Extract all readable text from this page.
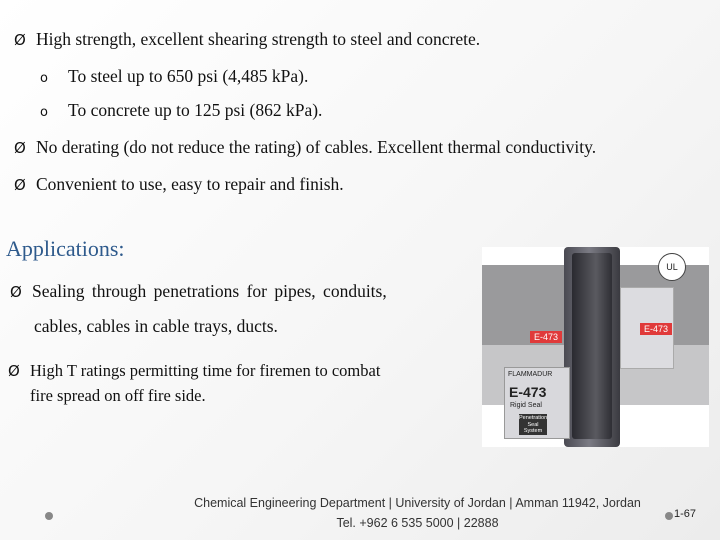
Ø High strength, excellent shearing strength to steel and concrete.
o To steel up to 650 psi (4,485 kPa).
o To concrete up to 125 psi (862 kPa).
Ø No derating (do not reduce the rating) of cables. Excellent thermal conductivity.
Ø Convenient to use, easy to repair and finish.
Applications:
Ø Sealing through penetrations for pipes, conduits,
cables, cables in cable trays, ducts.
Ø High T ratings permitting time for firemen to combat
fire spread on off fire side.
E-473
E-473
UL
FLAMMADUR
E-473
Rigid Seal
Penetration Seal System
Chemical Engineering Department | University of Jordan | Amman 11942, Jordan
Tel. +962 6 535 5000 | 22888
1-67
